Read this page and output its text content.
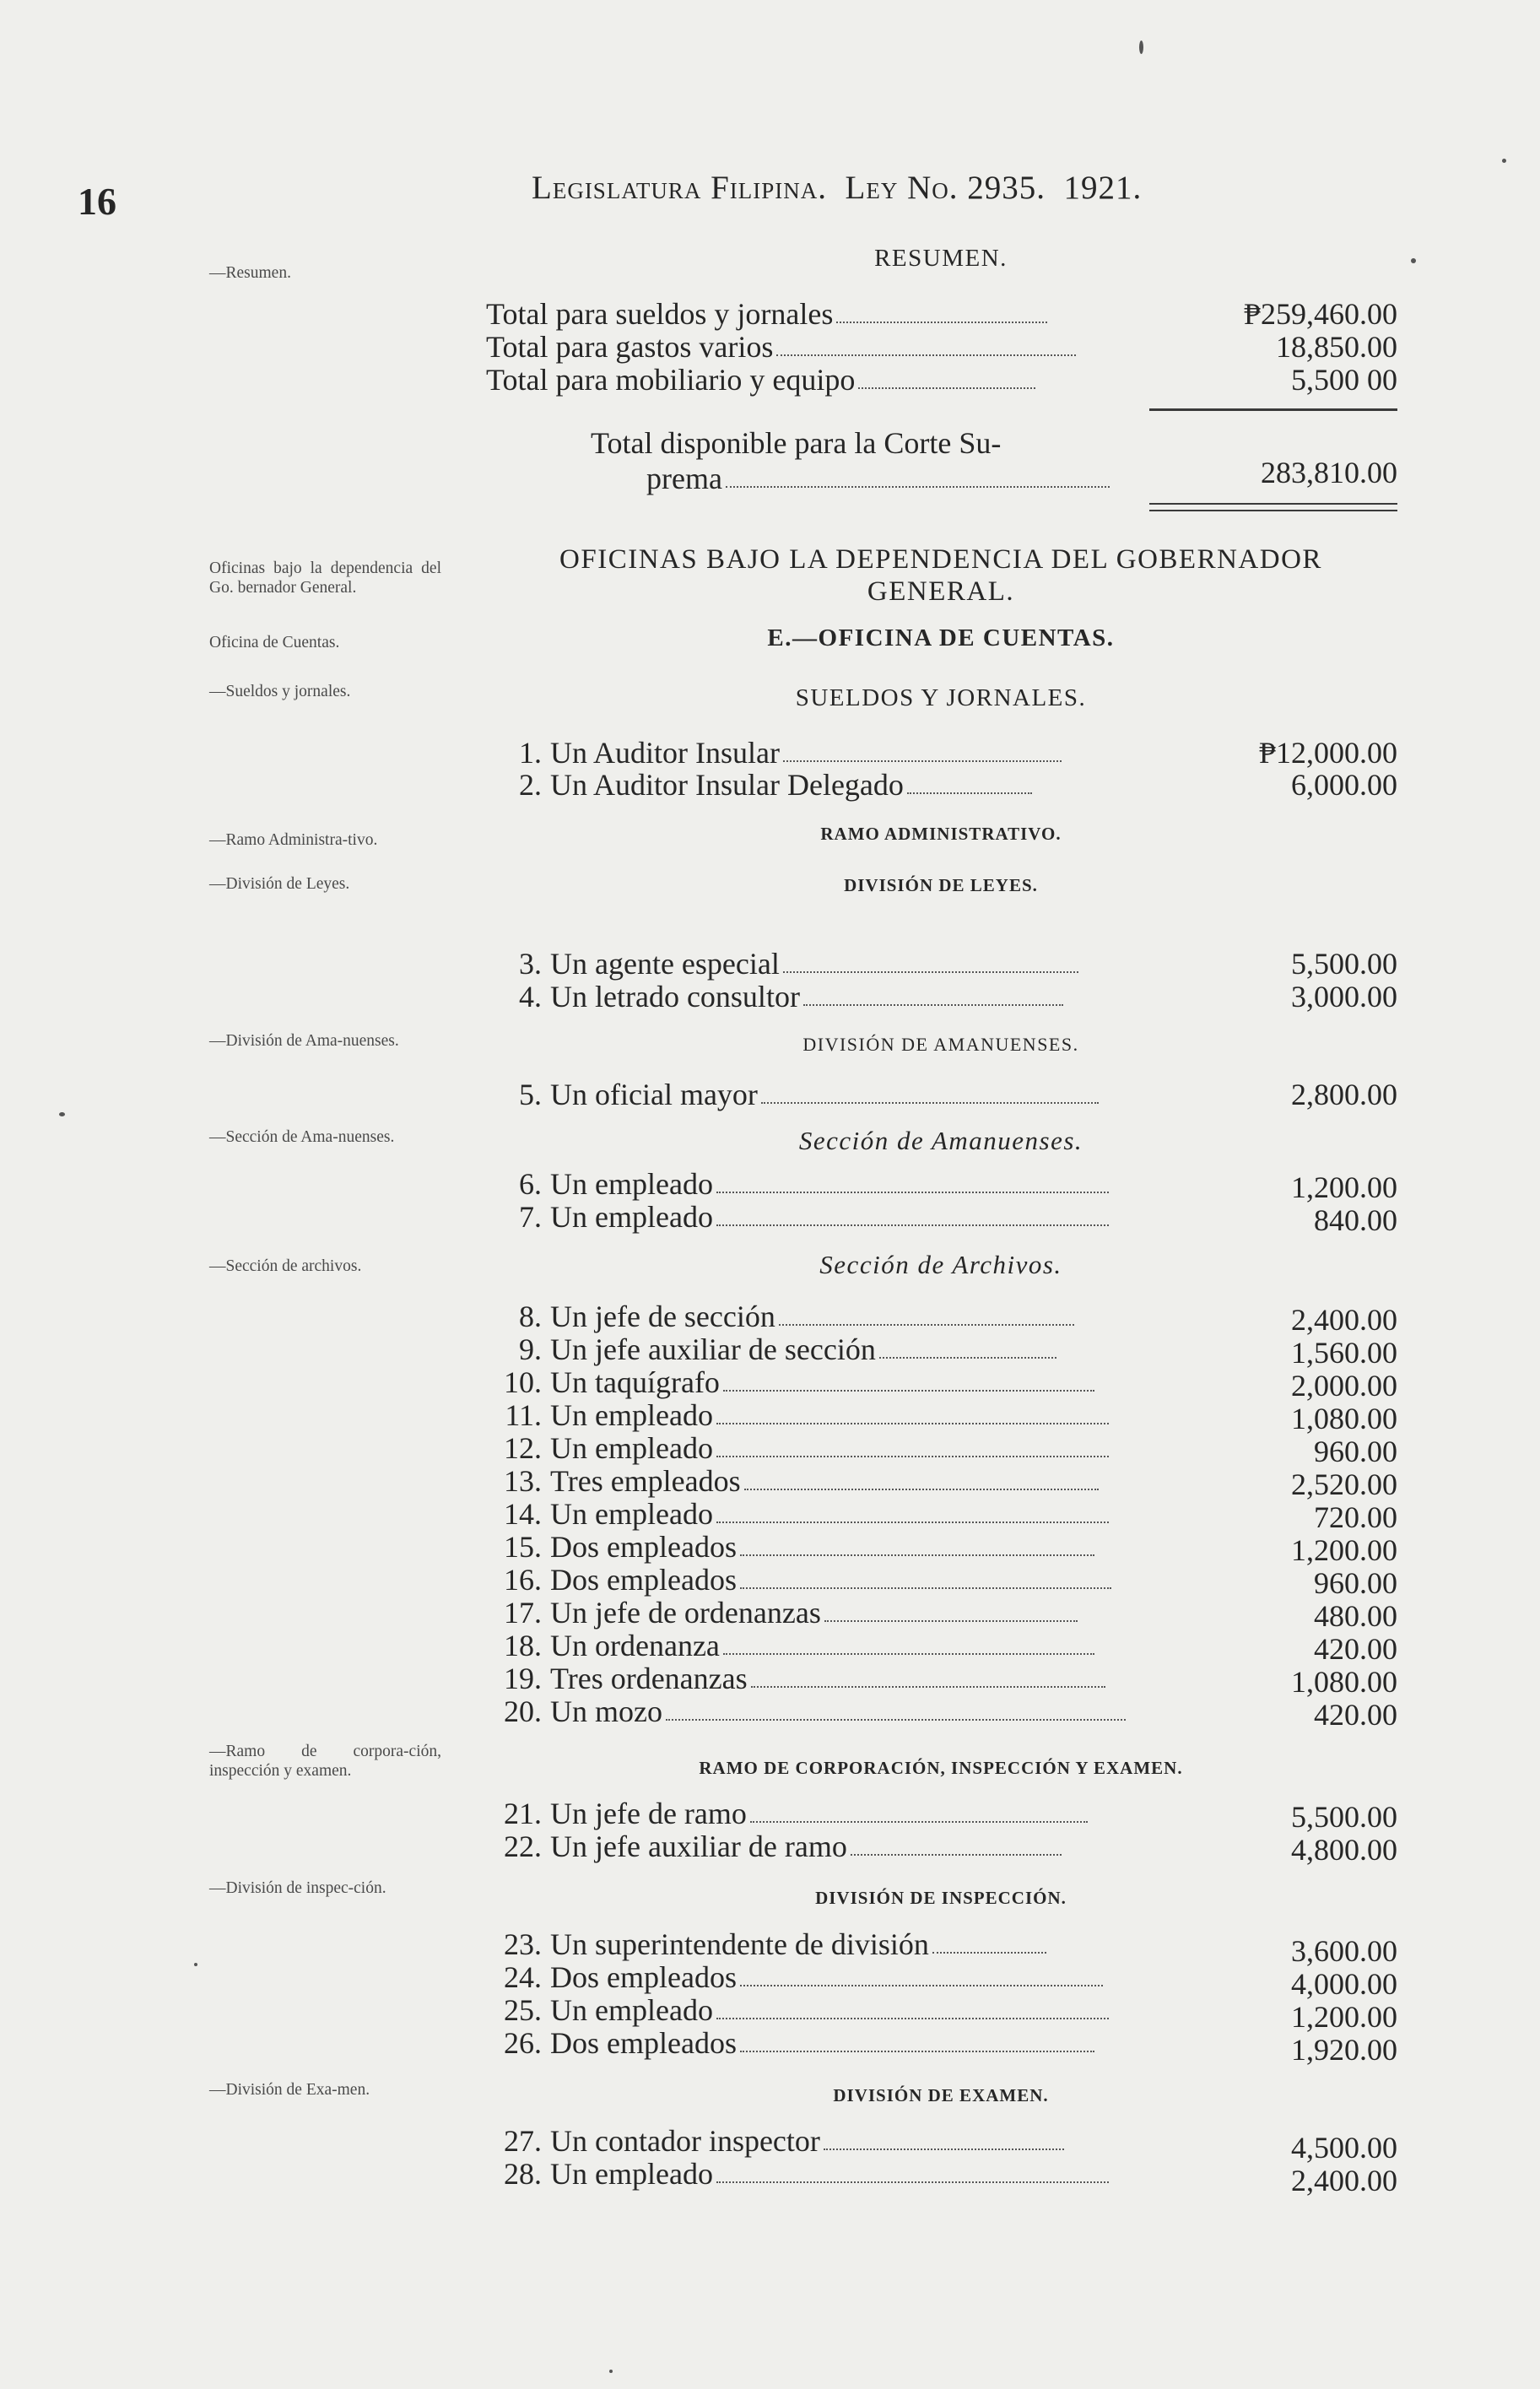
16	Legislatura Filipina. Ley No. 2935. 1921.
—Resumen.
Oficinas bajo la dependencia del Go. bernador General.
Oficina de Cuentas.
—Sueldos y jornales.
—Ramo Administra-tivo.
—División de Leyes.
—División de Ama-nuenses.
—Sección de Ama-nuenses.
—Sección de archivos.
—Ramo de corpora-ción, inspección y examen.
—División de inspec-ción.
—División de Exa-men.
RESUMEN.
Total para sueldos y jornales	₱259,460.00
Total para gastos varios	18,850.00
Total para mobiliario y equipo	5,500 00
Total disponible para la Corte Su-
prema	283,810.00
OFICINAS BAJO LA DEPENDENCIA DEL GOBERNADOR
GENERAL.
E.—OFICINA DE CUENTAS.
SUELDOS Y JORNALES.
1. Un Auditor Insular	₱12,000.00
2. Un Auditor Insular Delegado	6,000.00
3. Un agente especial	5,500.00
4. Un letrado consultor	3,000.00
5. Un oficial mayor	2,800.00
6. Un empleado	1,200.00
7. Un empleado	840.00
8. Un jefe de sección	2,400.00
9. Un jefe auxiliar de sección	1,560.00
10. Un taquígrafo	2,000.00
11. Un empleado	1,080.00
12. Un empleado	960.00
13. Tres empleados	2,520.00
14. Un empleado	720.00
15. Dos empleados	1,200.00
16. Dos empleados	960.00
17. Un jefe de ordenanzas	480.00
18. Un ordenanza	420.00
19. Tres ordenanzas	1,080.00
20. Un mozo	420.00
21. Un jefe de ramo	5,500.00
22. Un jefe auxiliar de ramo	4,800.00
23. Un superintendente de división	3,600.00
24. Dos empleados	4,000.00
25. Un empleado	1,200.00
26. Dos empleados	1,920.00
27. Un contador inspector	4,500.00
28. Un empleado	2,400.00
RAMO ADMINISTRATIVO.
DIVISIÓN DE LEYES.
DIVISIÓN DE AMANUENSES.
Sección de Amanuenses.
Sección de Archivos.
RAMO DE CORPORACIÓN, INSPECCIÓN Y EXAMEN.
DIVISIÓN DE INSPECCIÓN.
DIVISIÓN DE EXAMEN.
